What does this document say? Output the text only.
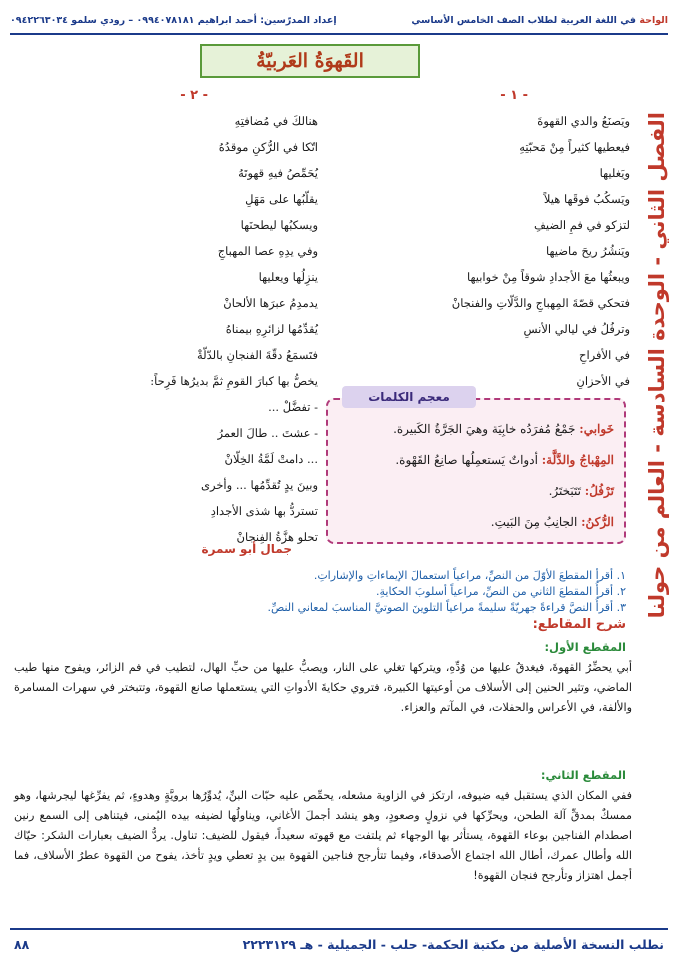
الواحة في اللغة العربية لطلاب الصف الخامس الأساسي
إعداد المدرّسين: أحمد ابراهيم ٠٩٩٤٠٧٨١٨١ – رودي سلمو ٠٩٤٢٢٦٣٠٣٤
الفصل الثاني - الوحدة السادسة - العالم من حولنا
القَهوَةُ العَربيّةُ
- ١ -
- ٢ -
ويَصنَعُ والدي القهوةَ
فيعطيها كثيراً مِنْ مَحبّتِهِ
ويَغليها
ويَسكُبُ فوقَها هيلاً
لتزكو في فمِ الضيفِ
ويَنشُرُ ريحَ ماضيها
ويبعثُها معَ الأجدادِ شوقاً مِنْ خوابيها
فتحكي قصّةَ المِهباجِ والدَّلّاتِ والفنجانْ
وترفُلُ في ليالي الأنسِ
في الأفراحِ
في الأحزانِ
هنالكَ في مُضافتِهِ
اتّكا في الرُّكنِ موقدُهُ
يُحَمِّصُ فيهِ قهوتَهُ
يقلّبُها على مَهَلِ
ويسكبُها ليطحنَها
وفي يدِهِ عصا المهباجِ
ينزِلُها ويعليها
يدمدِمُ عبرَها الألحانْ
يُقدِّمُها لزائرِهِ بيمناهُ
فتَسمَعُ دقّةَ الفنجانِ بالدّلّةْ
يخصُّ بها كبارَ القومِ ثمَّ بديرُها فَرِحاً:
- تفضَّلْ ...
- عشتَ .. طالَ العمرُ
... دامتْ لَمَّةُ الخِلّانْ
وبينَ يدٍ تُقدِّمُها ... وأخرى
تستردُّ بها شذى الأجدادِ
تحلو هزَّةُ الفِنجانْ
جمال أبو سمرة
خَوابي: جَمْعُ مُفرَدُه خابِيَة وهيَ الجَرَّةُ الكَبيرة.
المِهْباجُ والدَّلَّة: أدواتٌ يَستعمِلُها صانِعُ القَهْوة.
تَرْفُلُ: تَتَبَختَرُ.
الرُّكنُ: الجانِبُ مِنَ البَيتِ.
معجم الكلمات
١. أقرأ المقطعَ الأوّلَ من النصِّ، مراعياً استعمالَ الإيماءاتِ والإشاراتِ.
٢. أقرأُ المقطعَ الثاني من النصِّ، مراعياً أسلوبَ الحكايةِ.
٣. أقرأُ النصَّ قراءةً جهريّةً سليمةً مراعياً التلوينَ الصوتيَّ المناسبَ لمعاني النصِّ.
شرح المقاطع:
المقطع الأول:
أبي يحضِّرُ القهوةَ، فيغدقُ عليها من وُدِّهِ، ويتركها تغلي على النار، ويصبُّ عليها من حبِّ الهال، لتطيب في فم الزائر، ويفوح منها طيب الماضي، وتثير الحنين إلى الأسلاف من أوعيتها الكبيرة، فتروي حكايةَ الأدواتِ التي يستعملها صانع القهوة، وتتبختر في سهرات المسامرة والألفة، في الأعراس والحفلات، في المآتم والعزاء.
المقطع الثاني:
ففي المكان الذي يستقبل فيه ضيوفه، ارتكز في الزاوية مشعله، يحمِّص عليه حبّات البنِّ، يُدوِّرُها برويَّةٍ وهدوءٍ، ثم يفرِّغها ليجرشها، وهو ممسكٌ بمدقِّ آلة الطحن، ويحرِّكها في نزولٍ وصعودٍ، وهو ينشد أجملَ الأغاني، ويناولُها لضيفه بيده اليُمنى، فيتناهى إلى السمع رنين اصطدام الفناجين بوعاء القهوة، يستأثر بها الوجهاء ثم يلتفت مع قهوته سعيداً، فيقول للضيف: تناول. يردُّ الضيف بعبارات الشكر: حيّاك الله وأطال عمرك، أطال الله اجتماع الأصدقاء، وفيما تتأرجح فناجين القهوة بين يدٍ تعطي ويدٍ تأخذ، يفوح من القهوة عطرُ الأسلاف، فما أجمل اهتزاز وتأرجح فنجان القهوة!
نطلب النسخة الأصلية من مكتبة الحكمة- حلب - الجميلية - هـ ٢٢٢٣١٢٩
٨٨
